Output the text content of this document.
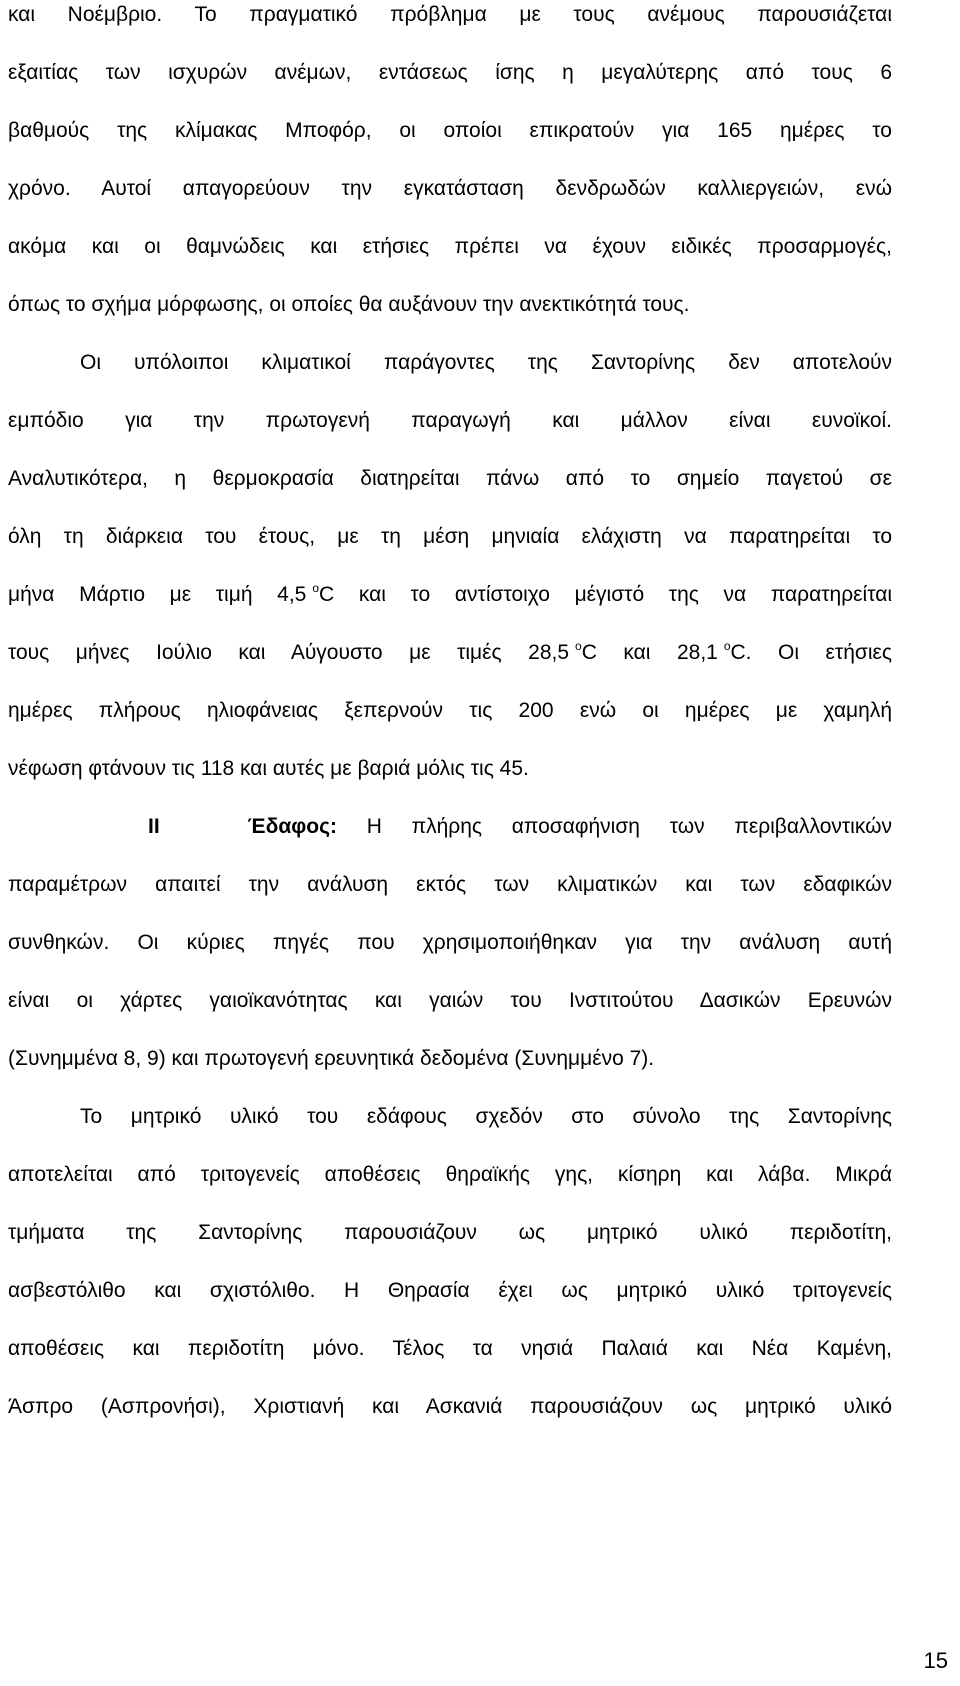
και Νοέμβριο. Το πραγματικό πρόβλημα με τους ανέμους παρουσιάζεται
εξαιτίας των ισχυρών ανέμων, εντάσεως ίσης η μεγαλύτερης από τους 6
βαθμούς της κλίμακας Μποφόρ, οι οποίοι επικρατούν για 165 ημέρες το
χρόνο. Αυτοί απαγορεύουν την εγκατάσταση δενδρωδών καλλιεργειών, ενώ
ακόμα και οι θαμνώδεις και ετήσιες πρέπει να έχουν ειδικές προσαρμογές,
όπως το σχήμα μόρφωσης, οι οποίες θα αυξάνουν την ανεκτικότητά τους.
Οι υπόλοιποι κλιματικοί παράγοντες της Σαντορίνης δεν αποτελούν
εμπόδιο για την πρωτογενή παραγωγή και μάλλον είναι ευνοϊκοί.
Αναλυτικότερα, η θερμοκρασία διατηρείται πάνω από το σημείο παγετού σε
όλη τη διάρκεια του έτους, με τη μέση μηνιαία ελάχιστη να παρατηρείται το
μήνα Μάρτιο με τιμή 4,5 $^o$C και το αντίστοιχο μέγιστό της να παρατηρείται
τους μήνες Ιούλιο και Αύγουστο με τιμές 28,5 $^o$C και 28,1 $^o$C. Οι ετήσιες
ημέρες πλήρους ηλιοφάνειας ξεπερνούν τις 200 ενώ οι ημέρες με χαμηλή
νέφωση φτάνουν τις 118 και αυτές με βαριά μόλις τις 45.
II	Έδαφος: Η πλήρης αποσαφήνιση των περιβαλλοντικών
παραμέτρων απαιτεί την ανάλυση εκτός των κλιματικών και των εδαφικών
συνθηκών. Οι κύριες πηγές που χρησιμοποιήθηκαν για την ανάλυση αυτή
είναι οι χάρτες γαιοϊκανότητας και γαιών του Ινστιτούτου Δασικών Ερευνών
(Συνημμένα 8, 9) και πρωτογενή ερευνητικά δεδομένα (Συνημμένο 7).
Το μητρικό υλικό του εδάφους σχεδόν στο σύνολο της Σαντορίνης
αποτελείται από τριτογενείς αποθέσεις θηραϊκής γης, κίσηρη και λάβα. Μικρά
τμήματα της Σαντορίνης παρουσιάζουν ως μητρικό υλικό περιδοτίτη,
ασβεστόλιθο και σχιστόλιθο. Η Θηρασία έχει ως μητρικό υλικό τριτογενείς
αποθέσεις και περιδοτίτη μόνο. Τέλος τα νησιά Παλαιά και Νέα Καμένη,
Άσπρο (Ασπρονήσι), Χριστιανή και Ασκανιά παρουσιάζουν ως μητρικό υλικό
15
